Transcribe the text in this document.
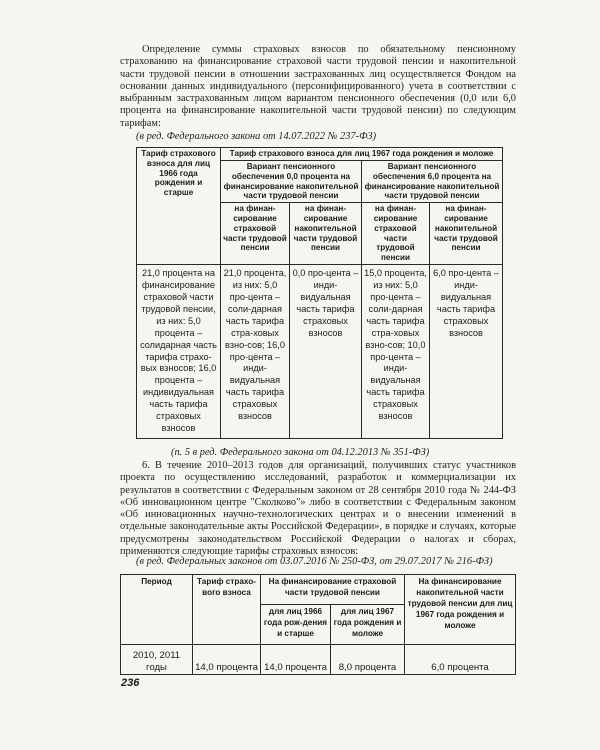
Определение суммы страховых взносов по обязательному пенсионному страхованию на финансирование страховой части трудовой пенсии и накопительной части трудовой пенсии в отношении застрахованных лиц осуществляется Фондом на основании данных индивидуального (персонифицированного) учета в соответствии с выбранным застрахованным лицом вариантом пенсионного обеспечения (0,0 или 6,0 процента на финансирование накопительной части трудовой пенсии) по следующим тарифам:

(в ред. Федерального закона от 14.07.2022 № 237-ФЗ)

Тариф страхового взноса для лиц 1966 года рождения и старше	Тариф страхового взноса для лиц 1967 года рождения и моложе			
	Вариант пенсионного обеспечения 0,0 процента на финансирование накопительной части трудовой пенсии		Вариант пенсионного обеспечения 6,0 процента на финансирование накопительной части трудовой пенсии	
	на финан-сирование страховой части трудовой пенсии	на финан-сирование накопительной части трудовой пенсии	на финан-сирование страховой части трудовой пенсии	на финан-сирование накопительной части трудовой пенсии
21,0 процента на финансирование страховой части трудовой пенсии, из них: 5,0 процента – солидарная часть тарифа страхо-вых взносов; 16,0 процента – индивидуальная часть тарифа страховых взносов	21,0 процента, из них: 5,0 про-цента – соли-дарная часть тарифа стра-ховых взно-сов; 16,0 про-цента – инди-видуальная часть тарифа страховых взносов	0,0 про-цента – инди-видуальная часть тарифа страховых взносов	15,0 процента, из них: 5,0 про-цента – соли-дарная часть тарифа стра-ховых взно-сов; 10,0 про-цента – инди-видуальная часть тарифа страховых взносов	6,0 про-цента – инди-видуальная часть тарифа страховых взносов

(п. 5 в ред. Федерального закона от 04.12.2013 № 351-ФЗ)

6. В течение 2010–2013 годов для организаций, получивших статус участников проекта по осуществлению исследований, разработок и коммерциализации их результатов в соответствии с Федеральным законом от 28 сентября 2010 года № 244-ФЗ «Об инновационном центре "Сколково"» либо в соответствии с Федеральным законом «Об инновационных научно-технологических центрах и о внесении изменений в отдельные законодательные акты Российской Федерации», в порядке и случаях, которые предусмотрены законодательством Российской Федерации о налогах и сборах, применяются следующие тарифы страховых взносов:

(в ред. Федеральных законов от 03.07.2016 № 250-ФЗ, от 29.07.2017 № 216-ФЗ)

Период	Тариф страхо-вого взноса	На финансирование страховой части трудовой пенсии		На финансирование накопительной части трудовой пенсии для лиц 1967 года рождения и моложе
		для лиц 1966 года рож-дения и старше	для лиц 1967 года рождения и моложе	
2010, 2011 годы	14,0 процента	14,0 процента	8,0 процента	6,0 процента
236
